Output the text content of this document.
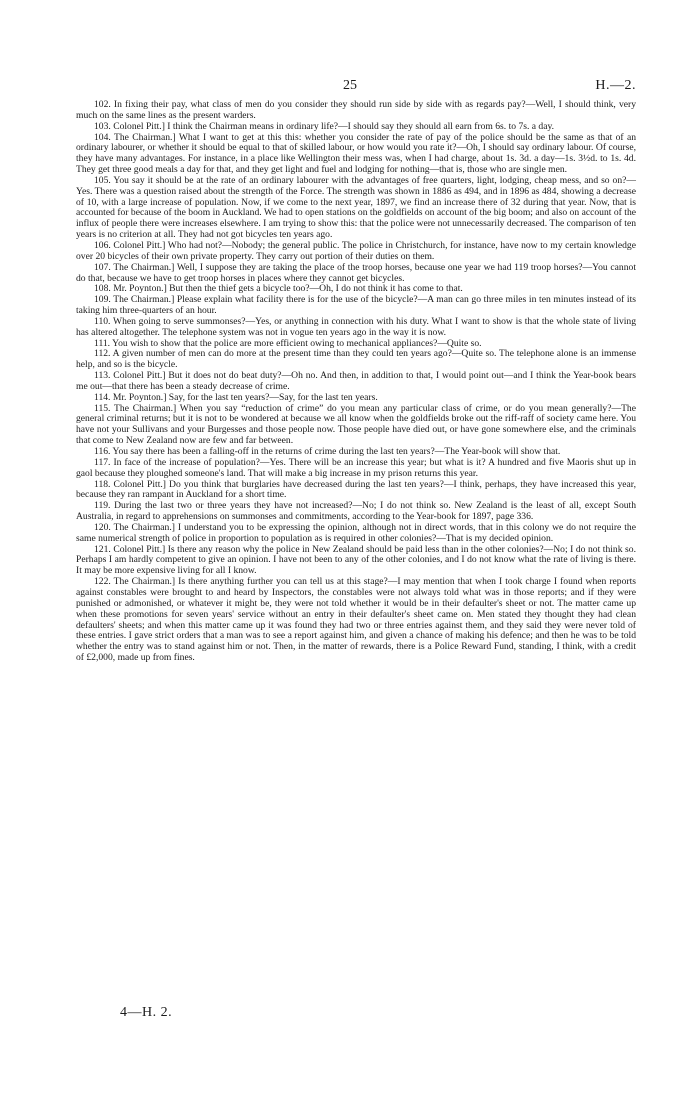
25	H.—2.

102. In fixing their pay, what class of men do you consider they should run side by side with as regards pay?—Well, I should think, very much on the same lines as the present warders.

103. Colonel Pitt.] I think the Chairman means in ordinary life?—I should say they should all earn from 6s. to 7s. a day.

104. The Chairman.] What I want to get at this this: whether you consider the rate of pay of the police should be the same as that of an ordinary labourer, or whether it should be equal to that of skilled labour, or how would you rate it?—Oh, I should say ordinary labour. Of course, they have many advantages. For instance, in a place like Wellington their mess was, when I had charge, about 1s. 3d. a day—1s. 3½d. to 1s. 4d. They get three good meals a day for that, and they get light and fuel and lodging for nothing—that is, those who are single men.

105. You say it should be at the rate of an ordinary labourer with the advantages of free quarters, light, lodging, cheap mess, and so on?—Yes. There was a question raised about the strength of the Force. The strength was shown in 1886 as 494, and in 1896 as 484, showing a decrease of 10, with a large increase of population. Now, if we come to the next year, 1897, we find an increase there of 32 during that year. Now, that is accounted for because of the boom in Auckland. We had to open stations on the goldfields on account of the big boom; and also on account of the influx of people there were increases elsewhere. I am trying to show this: that the police were not unnecessarily decreased. The comparison of ten years is no criterion at all. They had not got bicycles ten years ago.

106. Colonel Pitt.] Who had not?—Nobody; the general public. The police in Christchurch, for instance, have now to my certain knowledge over 20 bicycles of their own private property. They carry out portion of their duties on them.

107. The Chairman.] Well, I suppose they are taking the place of the troop horses, because one year we had 119 troop horses?—You cannot do that, because we have to get troop horses in places where they cannot get bicycles.

108. Mr. Poynton.] But then the thief gets a bicycle too?—Oh, I do not think it has come to that.

109. The Chairman.] Please explain what facility there is for the use of the bicycle?—A man can go three miles in ten minutes instead of its taking him three-quarters of an hour.

110. When going to serve summonses?—Yes, or anything in connection with his duty. What I want to show is that the whole state of living has altered altogether. The telephone system was not in vogue ten years ago in the way it is now.

111. You wish to show that the police are more efficient owing to mechanical appliances?—Quite so.

112. A given number of men can do more at the present time than they could ten years ago?—Quite so. The telephone alone is an immense help, and so is the bicycle.

113. Colonel Pitt.] But it does not do beat duty?—Oh no. And then, in addition to that, I would point out—and I think the Year-book bears me out—that there has been a steady decrease of crime.

114. Mr. Poynton.] Say, for the last ten years?—Say, for the last ten years.

115. The Chairman.] When you say “reduction of crime” do you mean any particular class of crime, or do you mean generally?—The general criminal returns; but it is not to be wondered at because we all know when the goldfields broke out the riff-raff of society came here. You have not your Sullivans and your Burgesses and those people now. Those people have died out, or have gone somewhere else, and the criminals that come to New Zealand now are few and far between.

116. You say there has been a falling-off in the returns of crime during the last ten years?—The Year-book will show that.

117. In face of the increase of population?—Yes. There will be an increase this year; but what is it? A hundred and five Maoris shut up in gaol because they ploughed someone's land. That will make a big increase in my prison returns this year.

118. Colonel Pitt.] Do you think that burglaries have decreased during the last ten years?—I think, perhaps, they have increased this year, because they ran rampant in Auckland for a short time.

119. During the last two or three years they have not increased?—No; I do not think so. New Zealand is the least of all, except South Australia, in regard to apprehensions on summonses and commitments, according to the Year-book for 1897, page 336.

120. The Chairman.] I understand you to be expressing the opinion, although not in direct words, that in this colony we do not require the same numerical strength of police in proportion to population as is required in other colonies?—That is my decided opinion.

121. Colonel Pitt.] Is there any reason why the police in New Zealand should be paid less than in the other colonies?—No; I do not think so. Perhaps I am hardly competent to give an opinion. I have not been to any of the other colonies, and I do not know what the rate of living is there. It may be more expensive living for all I know.

122. The Chairman.] Is there anything further you can tell us at this stage?—I may mention that when I took charge I found when reports against constables were brought to and heard by Inspectors, the constables were not always told what was in those reports; and if they were punished or admonished, or whatever it might be, they were not told whether it would be in their defaulter's sheet or not. The matter came up when these promotions for seven years' service without an entry in their defaulter's sheet came on. Men stated they thought they had clean defaulters' sheets; and when this matter came up it was found they had two or three entries against them, and they said they were never told of these entries. I gave strict orders that a man was to see a report against him, and given a chance of making his defence; and then he was to be told whether the entry was to stand against him or not. Then, in the matter of rewards, there is a Police Reward Fund, standing, I think, with a credit of £2,000, made up from fines.

4—H. 2.
